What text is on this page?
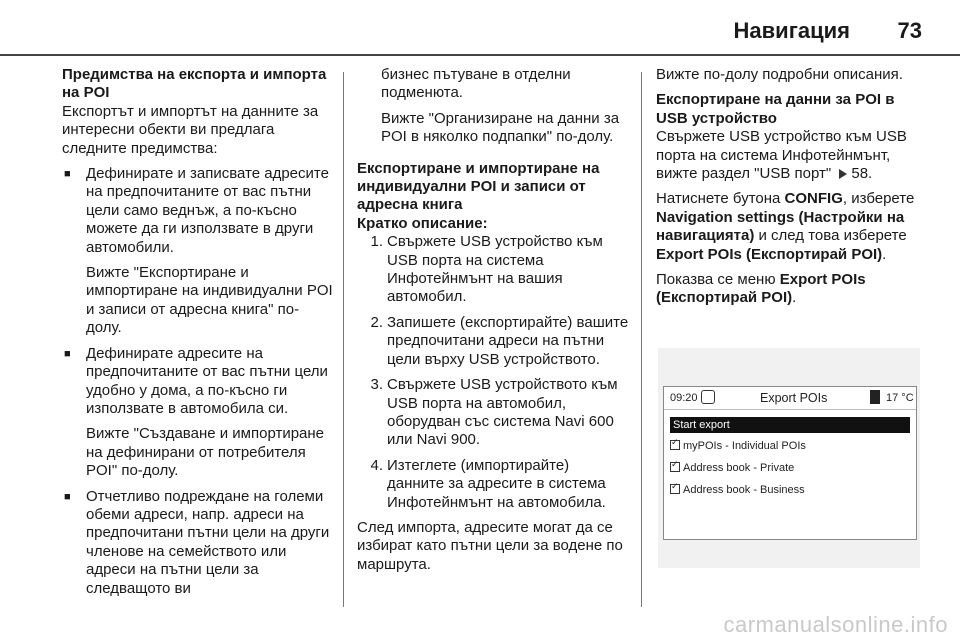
Навигация 73

Предимства на експорта и импорта на POI

Експортът и импортът на данните за интересни обекти ви предлага следните предимства:

■	Дефинирате и записвате адресите на предпочитаните от вас пътни цели само веднъж, а по-късно можете да ги използвате в други автомобили.

Вижте "Експортиране и импортиране на индивидуални POI и записи от адресна книга" по-долу.

■	Дефинирате адресите на предпочитаните от вас пътни цели удобно у дома, а по-късно ги използвате в автомобила си.

Вижте "Създаване и импортиране на дефинирани от потребителя POI" по-долу.

■	Отчетливо подреждане на големи обеми адреси, напр. адреси на предпочитани пътни цели на други членове на семейството или адреси на пътни цели за следващото ви

бизнес пътуване в отделни подменюта.

Вижте "Организиране на данни за POI в няколко подпапки" по-долу.

Експортиране и импортиране на индивидуални POI и записи от адресна книга

Кратко описание:

1. Свържете USB устройство към USB порта на система Инфотейнмънт на вашия автомобил.
2. Запишете (експортирайте) вашите предпочитани адреси на пътни цели върху USB устройството.
3. Свържете USB устройството към USB порта на автомобил, оборудван със система Navi 600 или Navi 900.
4. Изтеглете (импортирайте) данните за адресите в система Инфотейнмънт на автомобила.

След импорта, адресите могат да се избират като пътни цели за водене по маршрута.

Вижте по-долу подробни описания.

Експортиране на данни за POI в USB устройство

Свържете USB устройство към USB порта на система Инфотейнмънт, вижте раздел "USB порт" 58.

Натиснете бутона CONFIG, изберете Navigation settings (Настройки на навигацията) и след това изберете Export POIs (Експортирай POI).

Показва се меню Export POIs (Експортирай POI).

09:20	Export POIs	17 °C
Start export
✓myPOIs - Individual POIs
✓Address book - Private
✓Address book - Business
carmanualsonline.info
